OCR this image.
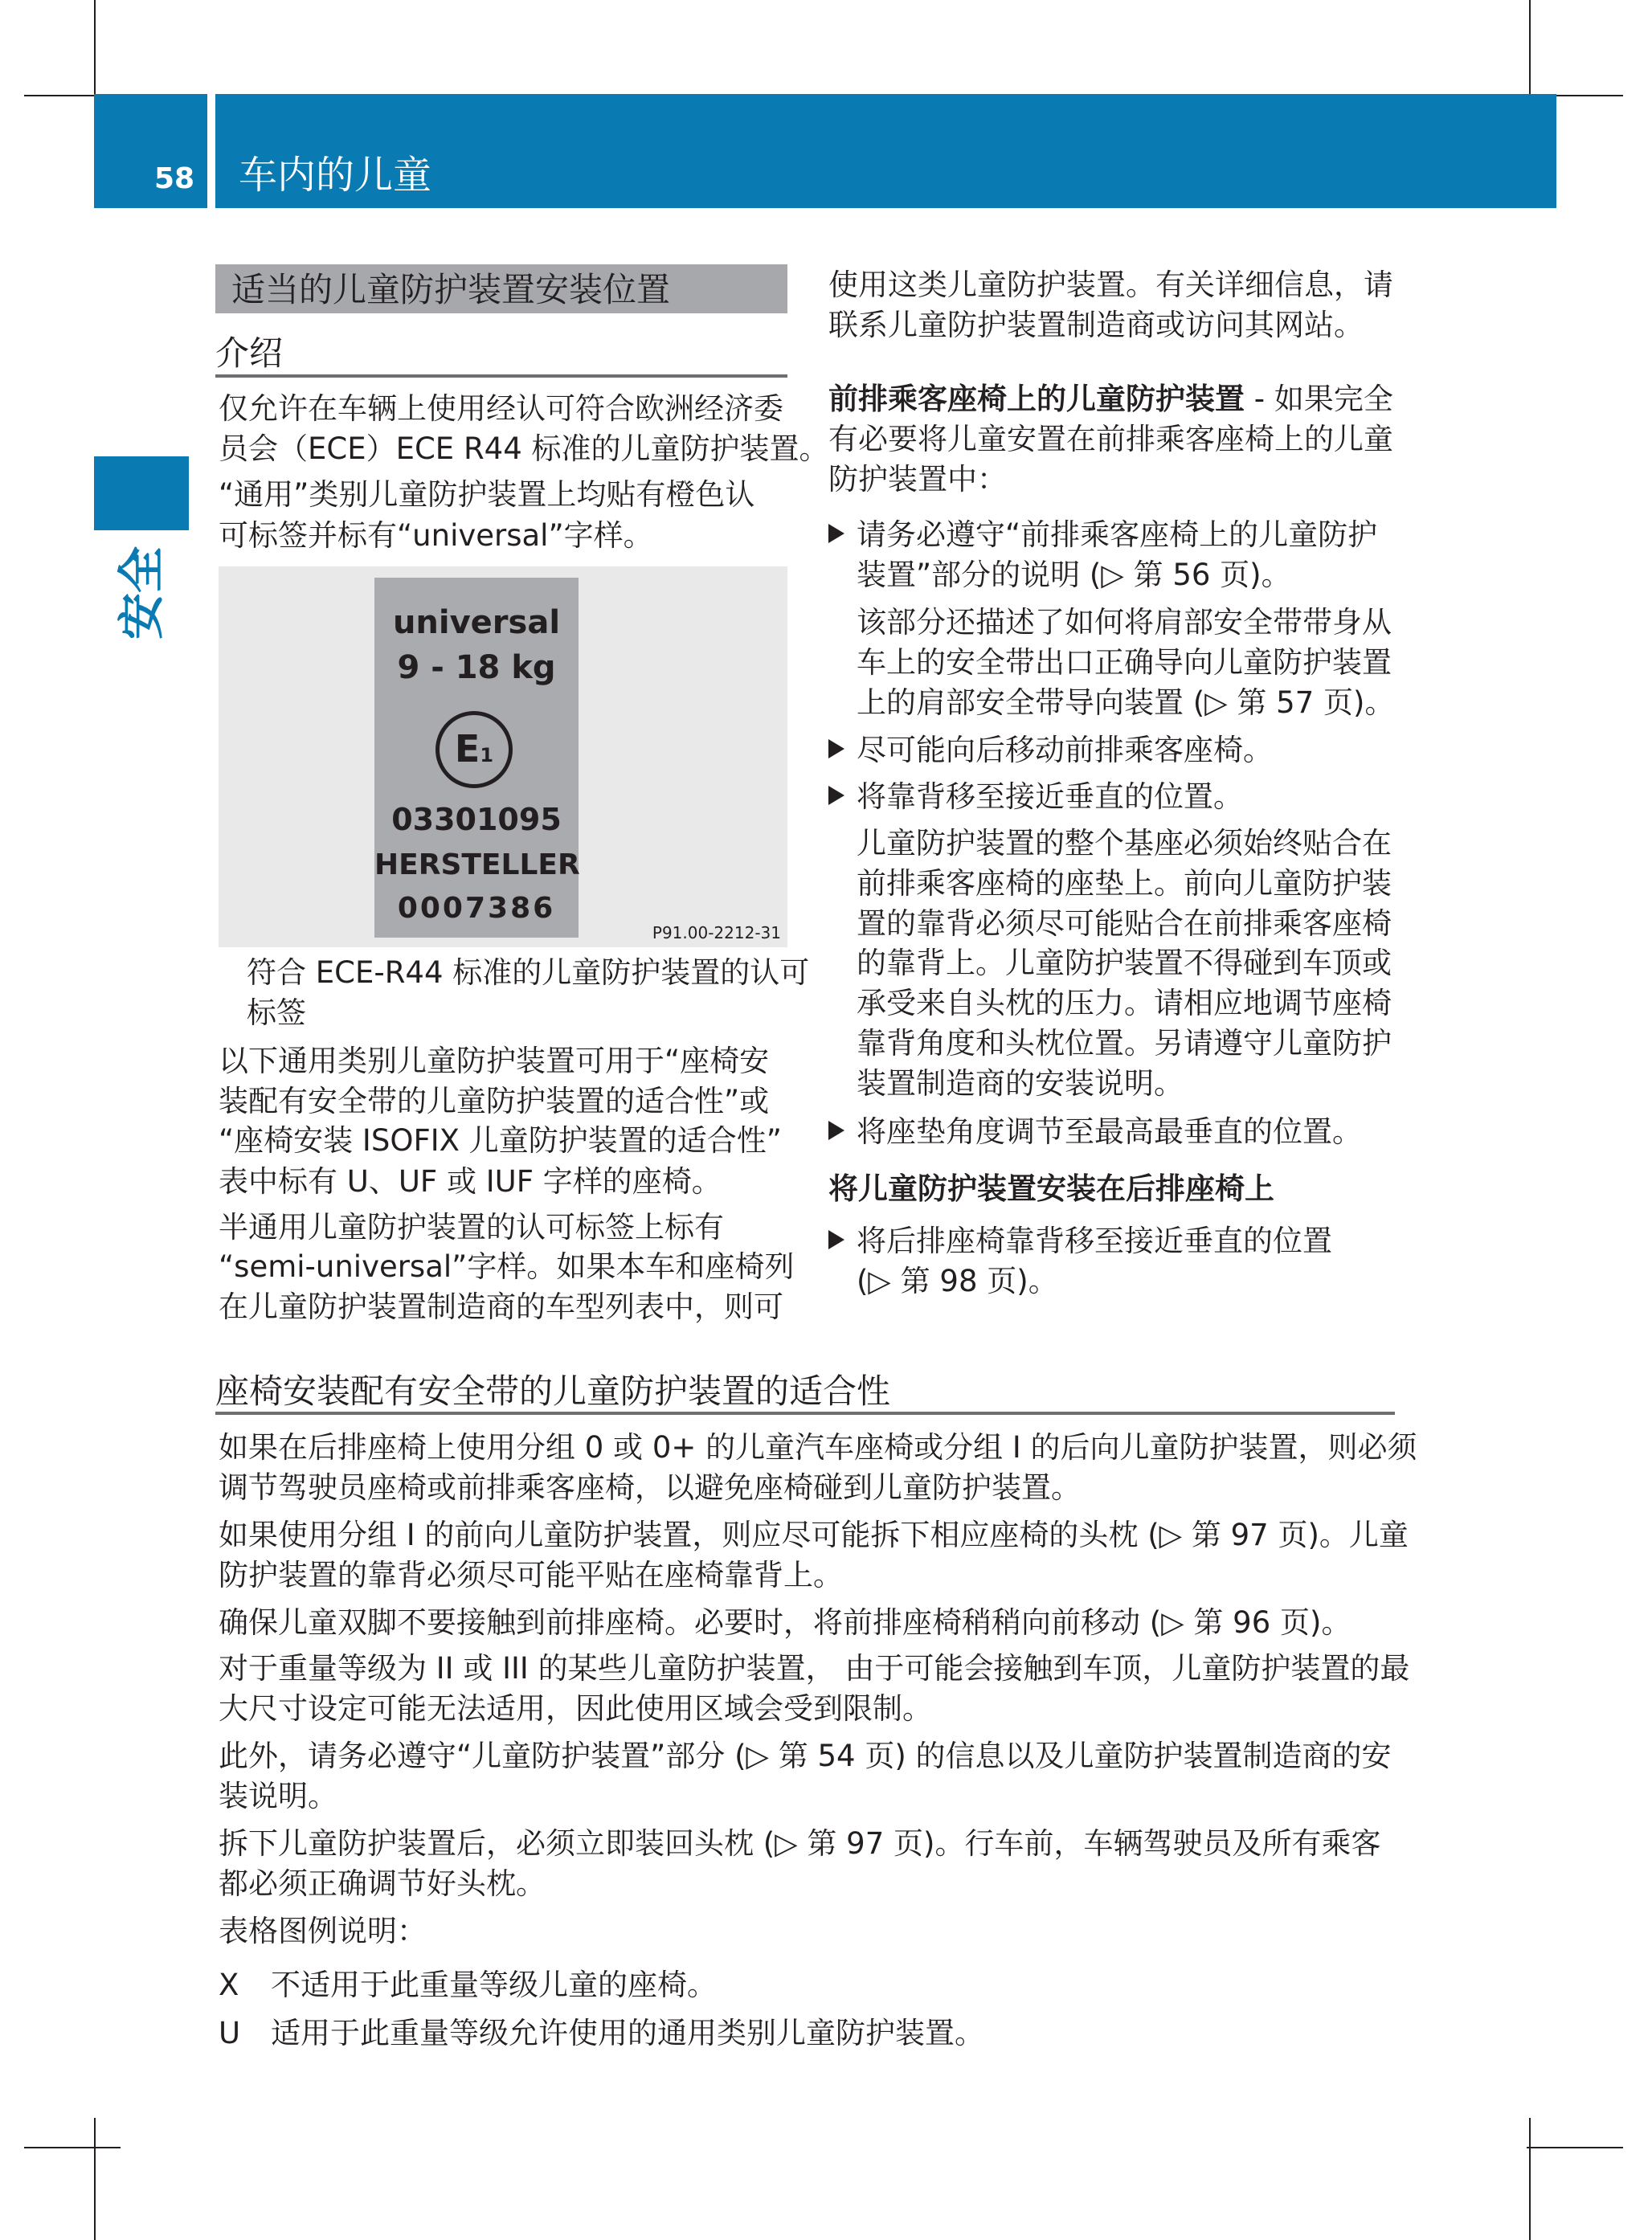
58 车内的儿童
安全
适当的儿童防护装置安装位置
介绍
仅允许在车辆上使用经认可符合欧洲经济委
员会（ECE）ECE R44 标准的儿童防护装置。
“通用”类别儿童防护装置上均贴有橙色认
可标签并标有“universal”字样。
universal
9 - 18 kg
E1
03301095
HERSTELLER
0007386
P91.00-2212-31
符合 ECE-R44 标准的儿童防护装置的认可
标签
以下通用类别儿童防护装置可用于“座椅安
装配有安全带的儿童防护装置的适合性”或
“座椅安装 ISOFIX 儿童防护装置的适合性”
表中标有 U、UF 或 IUF 字样的座椅。
半通用儿童防护装置的认可标签上标有
“semi-universal”字样。如果本车和座椅列
在儿童防护装置制造商的车型列表中，则可
使用这类儿童防护装置。有关详细信息，请
联系儿童防护装置制造商或访问其网站。
前排乘客座椅上的儿童防护装置 - 如果完全
有必要将儿童安置在前排乘客座椅上的儿童
防护装置中：
请务必遵守“前排乘客座椅上的儿童防护
装置”部分的说明 (▷ 第 56 页)。
该部分还描述了如何将肩部安全带带身从
车上的安全带出口正确导向儿童防护装置
上的肩部安全带导向装置 (▷ 第 57 页)。
尽可能向后移动前排乘客座椅。
将靠背移至接近垂直的位置。
儿童防护装置的整个基座必须始终贴合在
前排乘客座椅的座垫上。前向儿童防护装
置的靠背必须尽可能贴合在前排乘客座椅
的靠背上。儿童防护装置不得碰到车顶或
承受来自头枕的压力。请相应地调节座椅
靠背角度和头枕位置。另请遵守儿童防护
装置制造商的安装说明。
将座垫角度调节至最高最垂直的位置。
将儿童防护装置安装在后排座椅上
将后排座椅靠背移至接近垂直的位置
(▷ 第 98 页)。
座椅安装配有安全带的儿童防护装置的适合性
如果在后排座椅上使用分组 0 或 0+ 的儿童汽车座椅或分组 I 的后向儿童防护装置，则必须
调节驾驶员座椅或前排乘客座椅，以避免座椅碰到儿童防护装置。
如果使用分组 I 的前向儿童防护装置，则应尽可能拆下相应座椅的头枕 (▷ 第 97 页)。儿童
防护装置的靠背必须尽可能平贴在座椅靠背上。
确保儿童双脚不要接触到前排座椅。必要时，将前排座椅稍稍向前移动 (▷ 第 96 页)。
对于重量等级为 II 或 III 的某些儿童防护装置， 由于可能会接触到车顶，儿童防护装置的最
大尺寸设定可能无法适用，因此使用区域会受到限制。
此外，请务必遵守“儿童防护装置”部分 (▷ 第 54 页) 的信息以及儿童防护装置制造商的安
装说明。
拆下儿童防护装置后，必须立即装回头枕 (▷ 第 97 页)。行车前，车辆驾驶员及所有乘客
都必须正确调节好头枕。
表格图例说明：
X 不适用于此重量等级儿童的座椅。
U 适用于此重量等级允许使用的通用类别儿童防护装置。
